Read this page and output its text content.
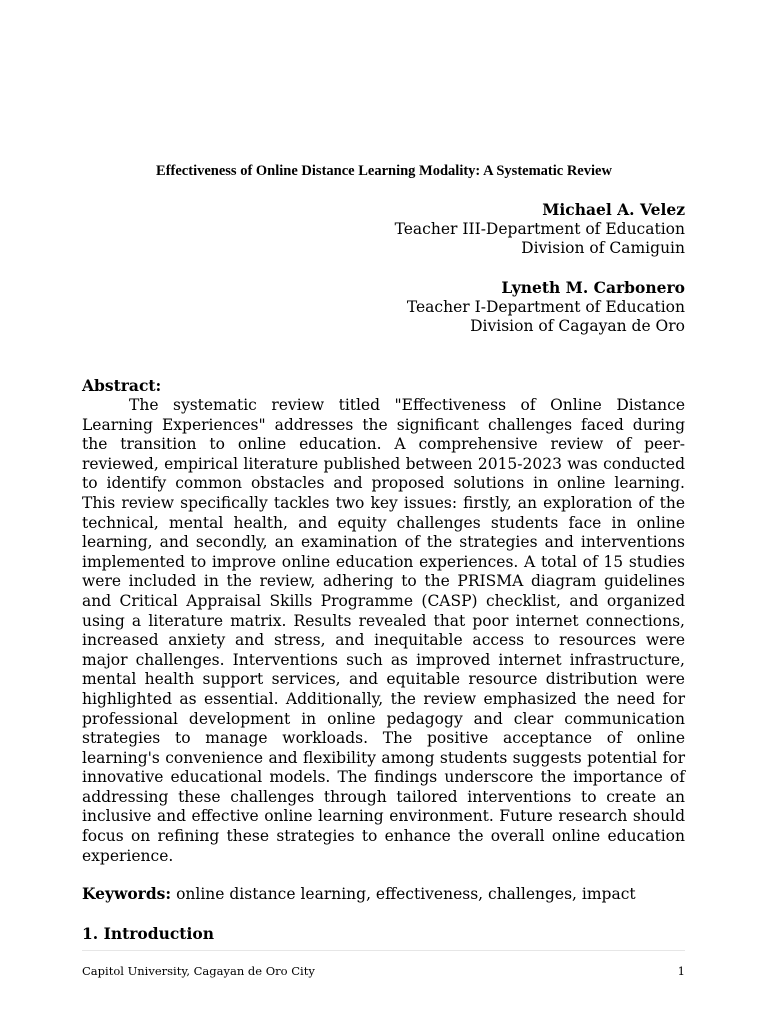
Effectiveness of Online Distance Learning Modality: A Systematic Review
Michael A. Velez
Teacher III-Department of Education
Division of Camiguin
Lyneth M. Carbonero
Teacher I-Department of Education
Division of Cagayan de Oro
Abstract:

The systematic review titled "Effectiveness of Online Distance Learning Experiences" addresses the significant challenges faced during the transition to online education. A comprehensive review of peer-reviewed, empirical literature published between 2015-2023 was conducted to identify common obstacles and proposed solutions in online learning. This review specifically tackles two key issues: firstly, an exploration of the technical, mental health, and equity challenges students face in online learning, and secondly, an examination of the strategies and interventions implemented to improve online education experiences. A total of 15 studies were included in the review, adhering to the PRISMA diagram guidelines and Critical Appraisal Skills Programme (CASP) checklist, and organized using a literature matrix. Results revealed that poor internet connections, increased anxiety and stress, and inequitable access to resources were major challenges. Interventions such as improved internet infrastructure, mental health support services, and equitable resource distribution were highlighted as essential. Additionally, the review emphasized the need for professional development in online pedagogy and clear communication strategies to manage workloads. The positive acceptance of online learning's convenience and flexibility among students suggests potential for innovative educational models. The findings underscore the importance of addressing these challenges through tailored interventions to create an inclusive and effective online learning environment. Future research should focus on refining these strategies to enhance the overall online education experience.

Keywords: online distance learning, effectiveness, challenges, impact
1. Introduction
Capitol University, Cagayan de Oro City	1
